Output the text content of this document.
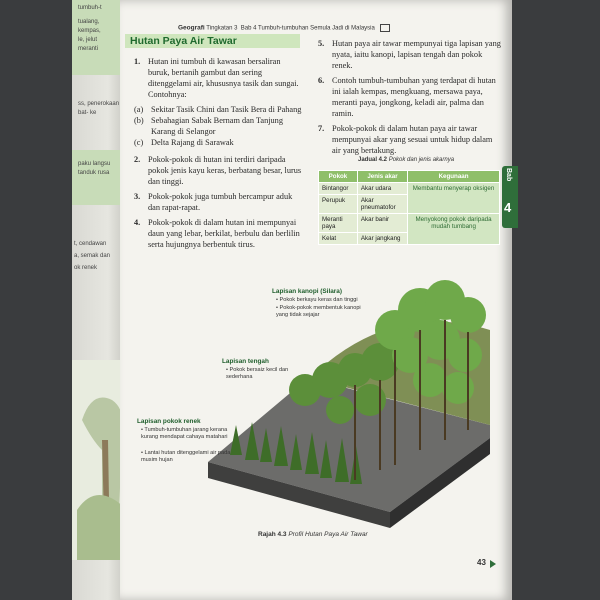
tumbuh-t
tualang,
kempas,
le, jelut
meranti
ss, penerokaan
bat- ke
paku langsu
tanduk rusa
t, cendawan
a, semak dan
ok renek
Geografi Tingkatan 3 Bab 4 Tumbuh-tumbuhan Semula Jadi di Malaysia
Hutan Paya Air Tawar

1. Hutan ini tumbuh di kawasan bersaliran buruk, bertanih gambut dan sering ditenggelami air, khususnya tasik dan sungai. Contohnya:

(a) Sekitar Tasik Chini dan Tasik Bera di Pahang

(b) Sebahagian Sabak Bernam dan Tanjung Karang di Selangor

(c) Delta Rajang di Sarawak

2. Pokok-pokok di hutan ini terdiri daripada pokok jenis kayu keras, berbatang besar, lurus dan tinggi.

3. Pokok-pokok juga tumbuh bercampur aduk dan rapat-rapat.

4. Pokok-pokok di dalam hutan ini mempunyai daun yang lebar, berkilat, berbulu dan berlilin serta hujungnya berbentuk tirus.

5. Hutan paya air tawar mempunyai tiga lapisan yang nyata, iaitu kanopi, lapisan tengah dan pokok renek.

6. Contoh tumbuh-tumbuhan yang terdapat di hutan ini ialah kempas, mengkuang, mersawa paya, meranti paya, jongkong, keladi air, palma dan ramin.

7. Pokok-pokok di dalam hutan paya air tawar mempunyai akar yang sesuai untuk hidup dalam air yang bertakung.

Jadual 4.2 Pokok dan jenis akarnya
Pokok	Jenis akar	Kegunaan
Bintangor	Akar udara	Membantu menyerap oksigen
Perupuk	Akar pneumatofor	
Meranti paya	Akar banir	Menyokong pokok daripada mudah tumbang
Kelat	Akar jangkang	
Bab
4
Lapisan kanopi (Silara)
• Pokok berkayu keras dan tinggi
• Pokok-pokok membentuk kanopi yang tidak sejajar
Lapisan tengah
• Pokok bersaiz kecil dan sederhana
Lapisan pokok renek
• Tumbuh-tumbuhan jarang kerana kurang mendapat cahaya matahari
• Lantai hutan ditenggelami air pada musim hujan
Rajah 4.3 Profil Hutan Paya Air Tawar
43
